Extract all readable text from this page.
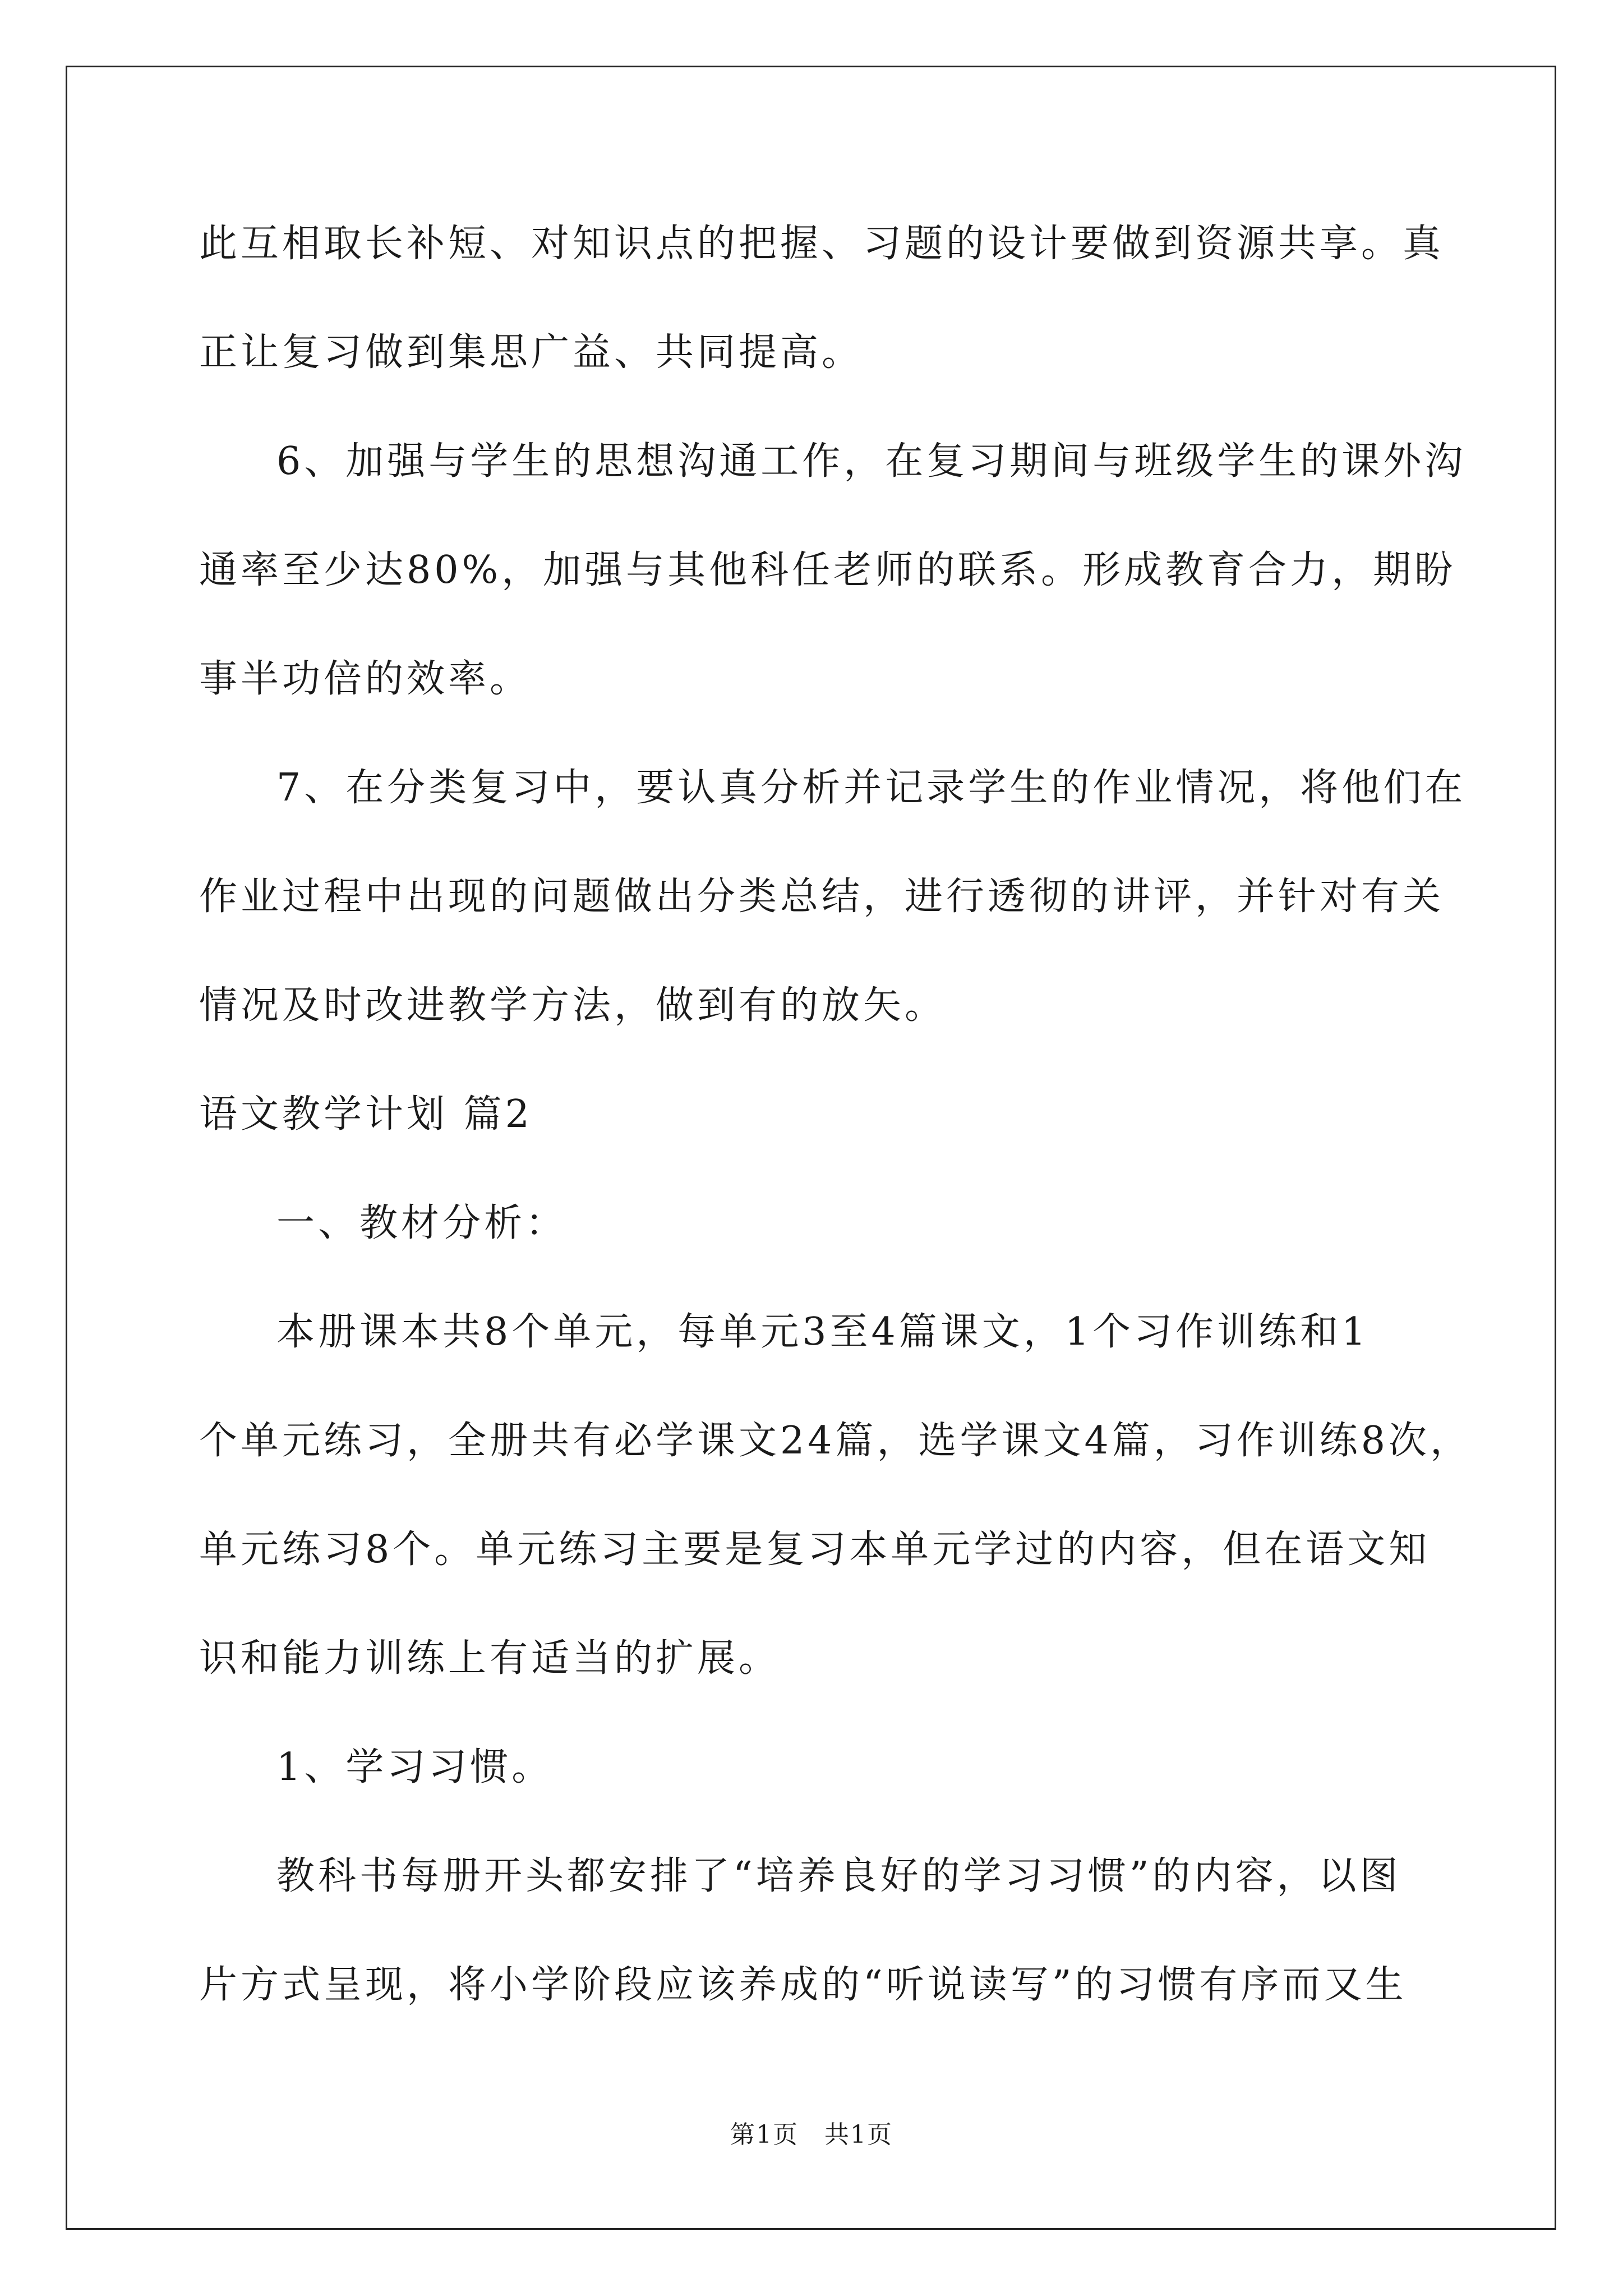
此互相取长补短、对知识点的把握、习题的设计要做到资源共享。真
正让复习做到集思广益、共同提高。
6、加强与学生的思想沟通工作，在复习期间与班级学生的课外沟
通率至少达80%，加强与其他科任老师的联系。形成教育合力，期盼
事半功倍的效率。
7、在分类复习中，要认真分析并记录学生的作业情况，将他们在
作业过程中出现的问题做出分类总结，进行透彻的讲评，并针对有关
情况及时改进教学方法，做到有的放矢。
语文教学计划 篇2
一、教材分析：
本册课本共8个单元，每单元3至4篇课文，1个习作训练和1
个单元练习，全册共有必学课文24篇，选学课文4篇，习作训练8次，
单元练习8个。单元练习主要是复习本单元学过的内容，但在语文知
识和能力训练上有适当的扩展。
1、学习习惯。
教科书每册开头都安排了“培养良好的学习习惯”的内容，以图
片方式呈现，将小学阶段应该养成的“听说读写”的习惯有序而又生
第1页　共1页
